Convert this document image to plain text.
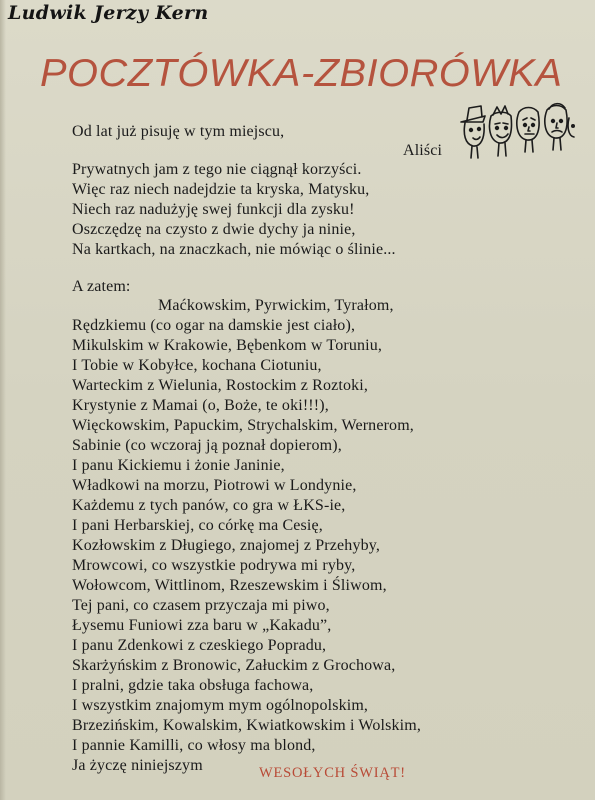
Ludwik Jerzy Kern
POCZTÓWKA-ZBIORÓWKA
Od lat już pisuję w tym miejscu,
Aliści
Prywatnych jam z tego nie ciągnął korzyści.
Więc raz niech nadejdzie ta kryska, Matysku,
Niech raz nadużyję swej funkcji dla zysku!
Oszczędzę na czysto z dwie dychy ja ninie,
Na kartkach, na znaczkach, nie mówiąc o ślinie...
A zatem:
Maćkowskim, Pyrwickim, Tyrałom,
Rędzkiemu (co ogar na damskie jest ciało),
Mikulskim w Krakowie, Bębenkom w Toruniu,
I Tobie w Kobyłce, kochana Ciotuniu,
Warteckim z Wielunia, Rostockim z Roztoki,
Krystynie z Mamai (o, Boże, te oki!!!),
Więckowskim, Papuckim, Strychalskim, Wernerom,
Sabinie (co wczoraj ją poznał dopierom),
I panu Kickiemu i żonie Janinie,
Władkowi na morzu, Piotrowi w Londynie,
Każdemu z tych panów, co gra w ŁKS-ie,
I pani Herbarskiej, co córkę ma Cesię,
Kozłowskim z Długiego, znajomej z Przehyby,
Mrowcowi, co wszystkie podrywa mi ryby,
Wołowcom, Wittlinom, Rzeszewskim i Śliwom,
Tej pani, co czasem przyczaja mi piwo,
Łysemu Funiowi zza baru w „Kakadu”,
I panu Zdenkowi z czeskiego Popradu,
Skarżyńskim z Bronowic, Załuckim z Grochowa,
I pralni, gdzie taka obsługa fachowa,
I wszystkim znajomym mym ogólnopolskim,
Brzezińskim, Kowalskim, Kwiatkowskim i Wolskim,
I pannie Kamilli, co włosy ma blond,
Ja życzę niniejszym	WESOŁYCH ŚWIĄT!
